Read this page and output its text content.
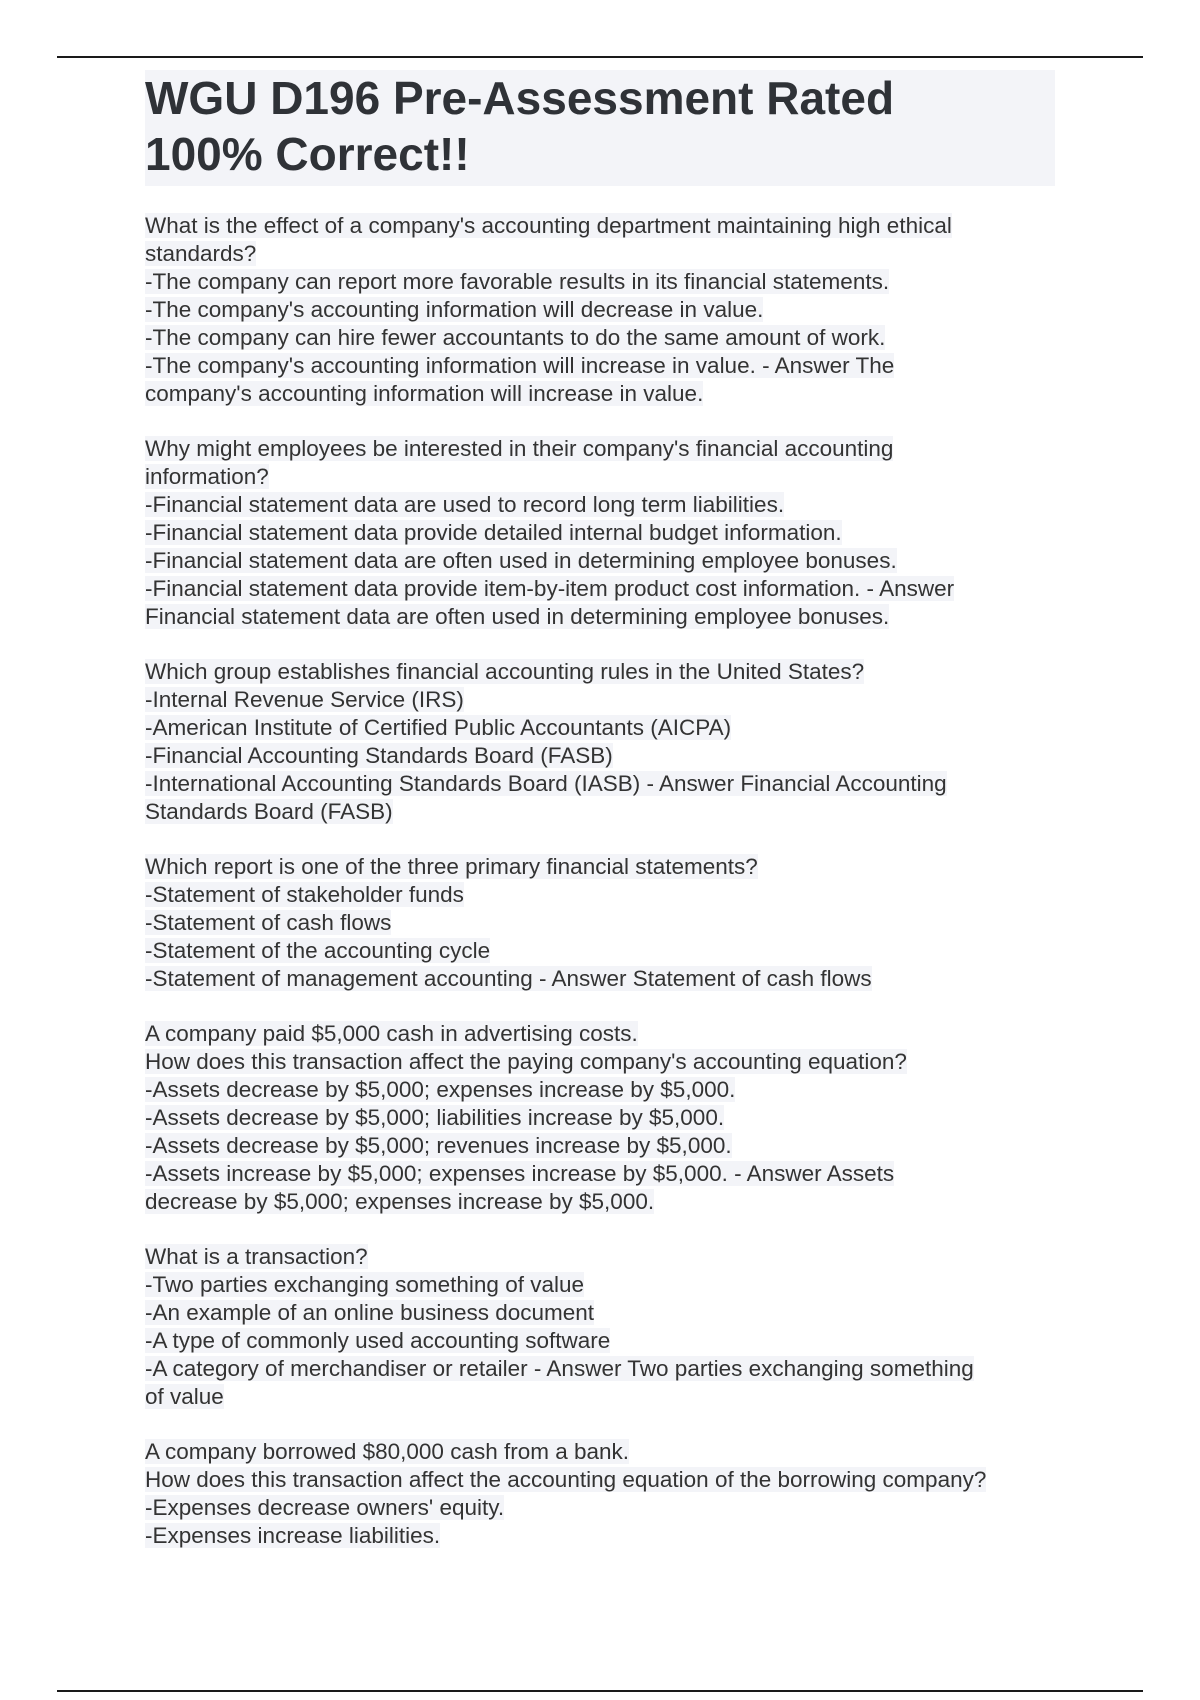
WGU D196 Pre-Assessment Rated
100% Correct!!
What is the effect of a company's accounting department maintaining high ethical
standards?
-The company can report more favorable results in its financial statements.
-The company's accounting information will decrease in value.
-The company can hire fewer accountants to do the same amount of work.
-The company's accounting information will increase in value. - Answer The
company's accounting information will increase in value.
Why might employees be interested in their company's financial accounting
information?
-Financial statement data are used to record long term liabilities.
-Financial statement data provide detailed internal budget information.
-Financial statement data are often used in determining employee bonuses.
-Financial statement data provide item-by-item product cost information. - Answer
Financial statement data are often used in determining employee bonuses.
Which group establishes financial accounting rules in the United States?
-Internal Revenue Service (IRS)
-American Institute of Certified Public Accountants (AICPA)
-Financial Accounting Standards Board (FASB)
-International Accounting Standards Board (IASB) - Answer Financial Accounting
Standards Board (FASB)
Which report is one of the three primary financial statements?
-Statement of stakeholder funds
-Statement of cash flows
-Statement of the accounting cycle
-Statement of management accounting - Answer Statement of cash flows
A company paid $5,000 cash in advertising costs.
How does this transaction affect the paying company's accounting equation?
-Assets decrease by $5,000; expenses increase by $5,000.
-Assets decrease by $5,000; liabilities increase by $5,000.
-Assets decrease by $5,000; revenues increase by $5,000.
-Assets increase by $5,000; expenses increase by $5,000. - Answer Assets
decrease by $5,000; expenses increase by $5,000.
What is a transaction?
-Two parties exchanging something of value
-An example of an online business document
-A type of commonly used accounting software
-A category of merchandiser or retailer - Answer Two parties exchanging something
of value
A company borrowed $80,000 cash from a bank.
How does this transaction affect the accounting equation of the borrowing company?
-Expenses decrease owners' equity.
-Expenses increase liabilities.
